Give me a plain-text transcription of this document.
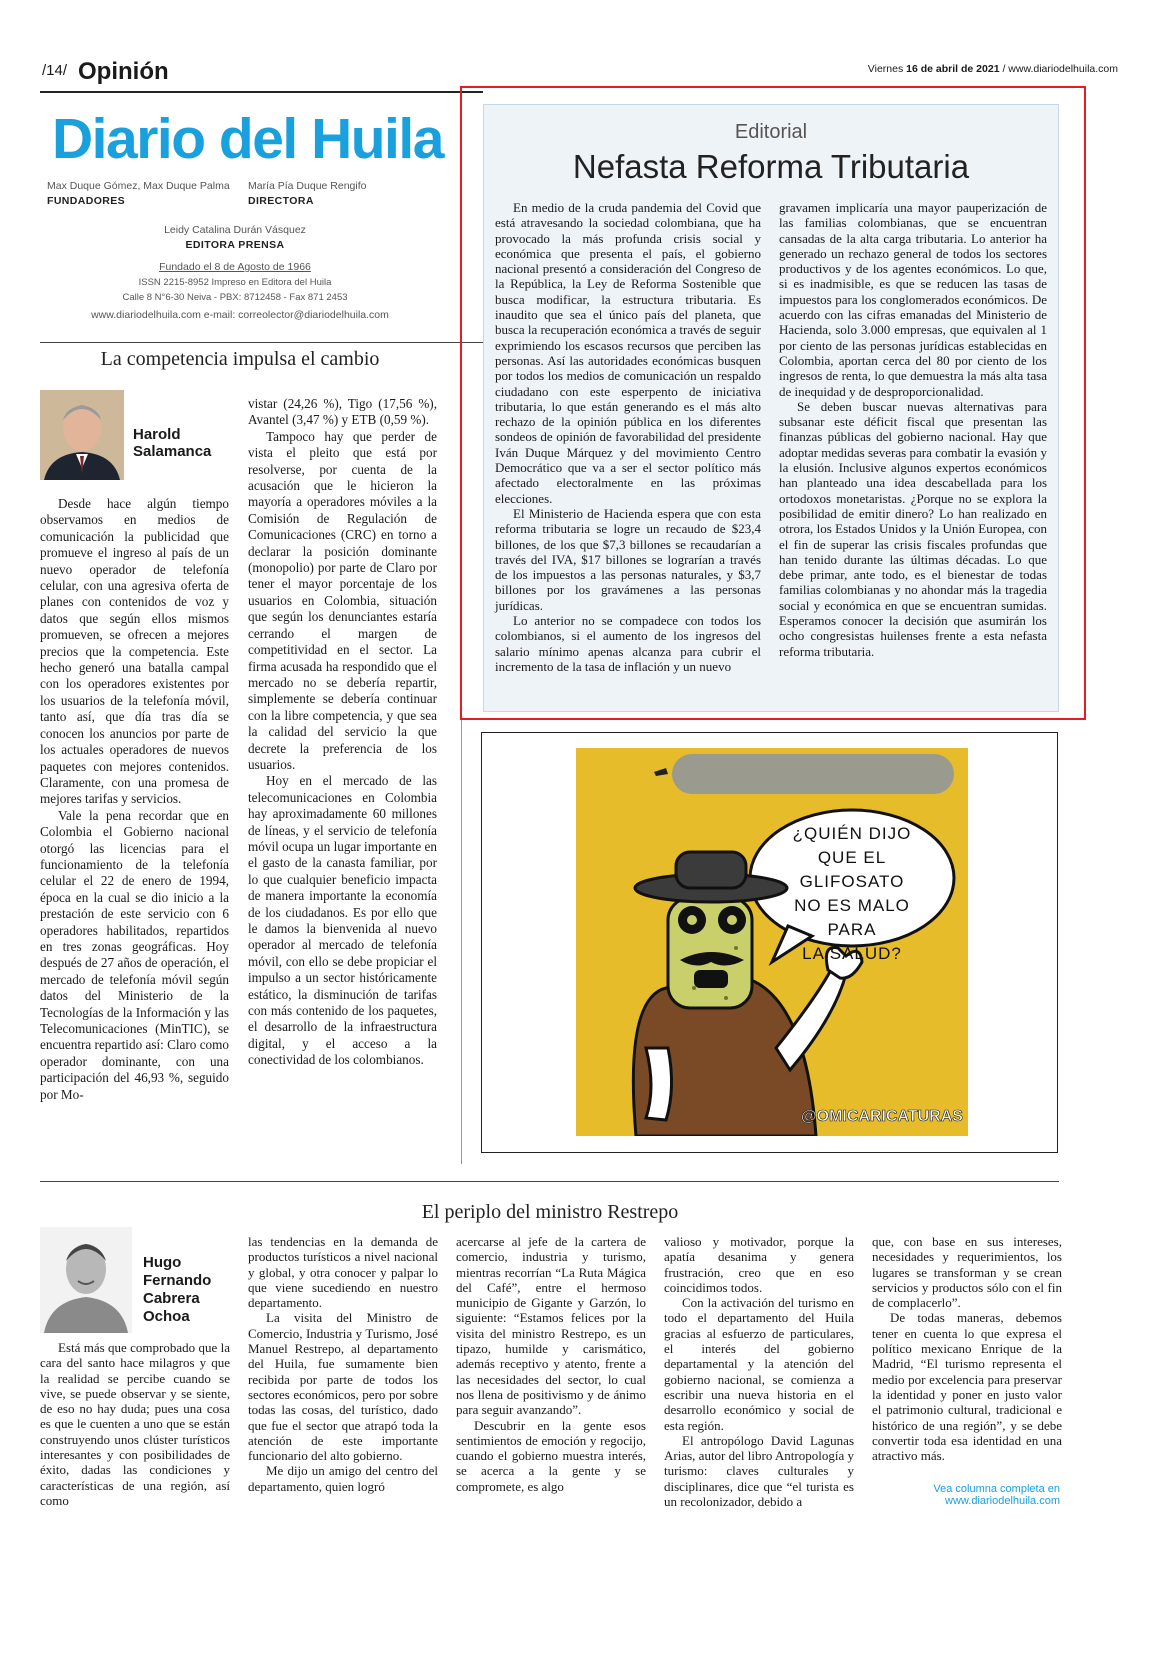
/14/ Opinión	Viernes 16 de abril de 2021 / www.diariodelhuila.com
Diario del Huila
Max Duque Gómez, Max Duque Palma
FUNDADORES
María Pía Duque Rengifo
DIRECTORA
Leidy Catalina Durán Vásquez
EDITORA PRENSA
Fundado el 8 de Agosto de 1966
ISSN 2215-8952 Impreso en Editora del Huila
Calle 8 N°6-30 Neiva - PBX: 8712458 - Fax 871 2453
www.diariodelhuila.com e-mail: correolector@diariodelhuila.com
La competencia impulsa el cambio
Harold
Salamanca

Desde hace algún tiempo observamos en medios de comunicación la publicidad que promueve el ingreso al país de un nuevo operador de telefonía celular, con una agresiva oferta de planes con contenidos de voz y datos que según ellos mismos promueven, se ofrecen a mejores precios que la competencia. Este hecho generó una batalla campal con los operadores existentes por los usuarios de la telefonía móvil, tanto así, que día tras día se conocen los anuncios por parte de los actuales operadores de nuevos paquetes con mejores contenidos. Claramente, con una promesa de mejores tarifas y servicios.

Vale la pena recordar que en Colombia el Gobierno nacional otorgó las licencias para el funcionamiento de la telefonía celular el 22 de enero de 1994, época en la cual se dio inicio a la prestación de este servicio con 6 operadores habilitados, repartidos en tres zonas geográficas. Hoy después de 27 años de operación, el mercado de telefonía móvil según datos del Ministerio de la Tecnologías de la Información y las Telecomunicaciones (MinTIC), se encuentra repartido así: Claro como operador dominante, con una participación del 46,93 %, seguido por Mo-

vistar (24,26 %), Tigo (17,56 %), Avantel (3,47 %) y ETB (0,59 %).

Tampoco hay que perder de vista el pleito que está por resolverse, por cuenta de la acusación que le hicieron la mayoría a operadores móviles a la Comisión de Regulación de Comunicaciones (CRC) en torno a declarar la posición dominante (monopolio) por parte de Claro por tener el mayor porcentaje de los usuarios en Colombia, situación que según los denunciantes estaría cerrando el margen de competitividad en el sector. La firma acusada ha respondido que el mercado no se debería repartir, simplemente se debería continuar con la libre competencia, y que sea la calidad del servicio la que decrete la preferencia de los usuarios.

Hoy en el mercado de las telecomunicaciones en Colombia hay aproximadamente 60 millones de líneas, y el servicio de telefonía móvil ocupa un lugar importante en el gasto de la canasta familiar, por lo que cualquier beneficio impacta de manera importante la economía de los ciudadanos. Es por ello que le damos la bienvenida al nuevo operador al mercado de telefonía móvil, con ello se debe propiciar el impulso a un sector históricamente estático, la disminución de tarifas con más contenido de los paquetes, el desarrollo de la infraestructura digital, y el acceso a la conectividad de los colombianos.

Editorial
Nefasta Reforma Tributaria

En medio de la cruda pandemia del Covid que está atravesando la sociedad colombiana, que ha provocado la más profunda crisis social y económica que presenta el país, el gobierno nacional presentó a consideración del Congreso de la República, la Ley de Reforma Sostenible que busca modificar, la estructura tributaria. Es inaudito que sea el único país del planeta, que busca la recuperación económica a través de seguir exprimiendo los escasos recursos que perciben las personas. Así las autoridades económicas busquen por todos los medios de comunicación un respaldo ciudadano con este esperpento de iniciativa tributaria, lo que están generando es el más alto rechazo de la opinión pública en los diferentes sondeos de opinión de favorabilidad del presidente Iván Duque Márquez y del movimiento Centro Democrático que va a ser el sector político más afectado electoralmente en las próximas elecciones.

El Ministerio de Hacienda espera que con esta reforma tributaria se logre un recaudo de $23,4 billones, de los que $7,3 billones se recaudarían a través del IVA, $17 billones se lograrían a través de los impuestos a las personas naturales, y $3,7 billones por los gravámenes a las personas jurídicas.

Lo anterior no se compadece con todos los colombianos, si el aumento de los ingresos del salario mínimo apenas alcanza para cubrir el incremento de la tasa de inflación y un nuevo

gravamen implicaría una mayor pauperización de las familias colombianas, que se encuentran cansadas de la alta carga tributaria. Lo anterior ha generado un rechazo general de todos los sectores productivos y de los agentes económicos. Lo que, si es inadmisible, es que se reducen las tasas de impuestos para los conglomerados económicos. De acuerdo con las cifras emanadas del Ministerio de Hacienda, solo 3.000 empresas, que equivalen al 1 por ciento de las personas jurídicas establecidas en Colombia, aportan cerca del 80 por ciento de los ingresos de renta, lo que demuestra la más alta tasa de inequidad y de desproporcionalidad.

Se deben buscar nuevas alternativas para subsanar este déficit fiscal que presentan las finanzas públicas del gobierno nacional. Hay que adoptar medidas severas para combatir la evasión y la elusión. Inclusive algunos expertos económicos han planteado una idea descabellada para los ortodoxos monetaristas. ¿Porque no se explora la posibilidad de emitir dinero? Lo han realizado en otrora, los Estados Unidos y la Unión Europea, con el fin de superar las crisis fiscales profundas que han tenido durante las últimas décadas. Lo que debe primar, ante todo, es el bienestar de todas familias colombianas y no ahondar más la tragedia social y económica en que se encuentran sumidas. Esperamos conocer la decisión que asumirán los ocho congresistas huilenses frente a esta nefasta reforma tributaria.

¿QUIÉN DIJO
QUE EL GLIFOSATO
NO ES MALO PARA
LA SALUD?
@OMICARICATURAS
El periplo del ministro Restrepo
Hugo
Fernando
Cabrera
Ochoa

Está más que comprobado que la cara del santo hace milagros y que la realidad se percibe cuando se vive, se puede observar y se siente, de eso no hay duda; pues una cosa es que le cuenten a uno que se están construyendo unos clúster turísticos interesantes y con posibilidades de éxito, dadas las condiciones y características de una región, así como

las tendencias en la demanda de productos turísticos a nivel nacional y global, y otra conocer y palpar lo que viene sucediendo en nuestro departamento.

La visita del Ministro de Comercio, Industria y Turismo, José Manuel Restrepo, al departamento del Huila, fue sumamente bien recibida por parte de todos los sectores económicos, pero por sobre todas las cosas, del turístico, dado que fue el sector que atrapó toda la atención de este importante funcionario del alto gobierno.

Me dijo un amigo del centro del departamento, quien logró

acercarse al jefe de la cartera de comercio, industria y turismo, mientras recorrían “La Ruta Mágica del Café”, entre el hermoso municipio de Gigante y Garzón, lo siguiente: “Estamos felices por la visita del ministro Restrepo, es un tipazo, humilde y carismático, además receptivo y atento, frente a las necesidades del sector, lo cual nos llena de positivismo y de ánimo para seguir avanzando”.

Descubrir en la gente esos sentimientos de emoción y regocijo, cuando el gobierno muestra interés, se acerca a la gente y se compromete, es algo

valioso y motivador, porque la apatía desanima y genera frustración, creo que en eso coincidimos todos.

Con la activación del turismo en todo el departamento del Huila gracias al esfuerzo de particulares, el interés del gobierno departamental y la atención del gobierno nacional, se comienza a escribir una nueva historia en el desarrollo económico y social de esta región.

El antropólogo David Lagunas Arias, autor del libro Antropología y turismo: claves culturales y disciplinares, dice que “el turista es un recolonizador, debido a

que, con base en sus intereses, necesidades y requerimientos, los lugares se transforman y se crean servicios y productos sólo con el fin de complacerlo”.

De todas maneras, debemos tener en cuenta lo que expresa el político mexicano Enrique de la Madrid, “El turismo representa el medio por excelencia para preservar la identidad y poner en justo valor el patrimonio cultural, tradicional e histórico de una región”, y se debe convertir toda esa identidad en una atractivo más.

Vea columna completa en
www.diariodelhuila.com
